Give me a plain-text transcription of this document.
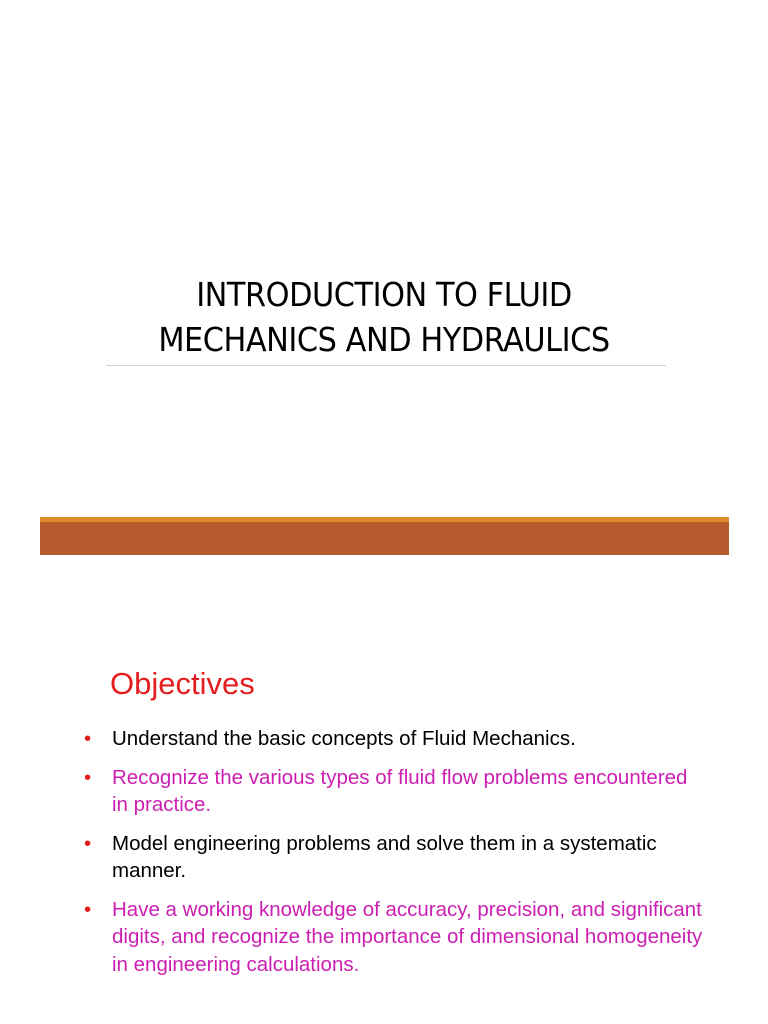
INTRODUCTION TO FLUID
MECHANICS AND HYDRAULICS
Objectives
• Understand the basic concepts of Fluid Mechanics.
• Recognize the various types of fluid flow problems encountered in practice.
• Model engineering problems and solve them in a systematic manner.
• Have a working knowledge of accuracy, precision, and significant digits, and recognize the importance of dimensional homogeneity in engineering calculations.
